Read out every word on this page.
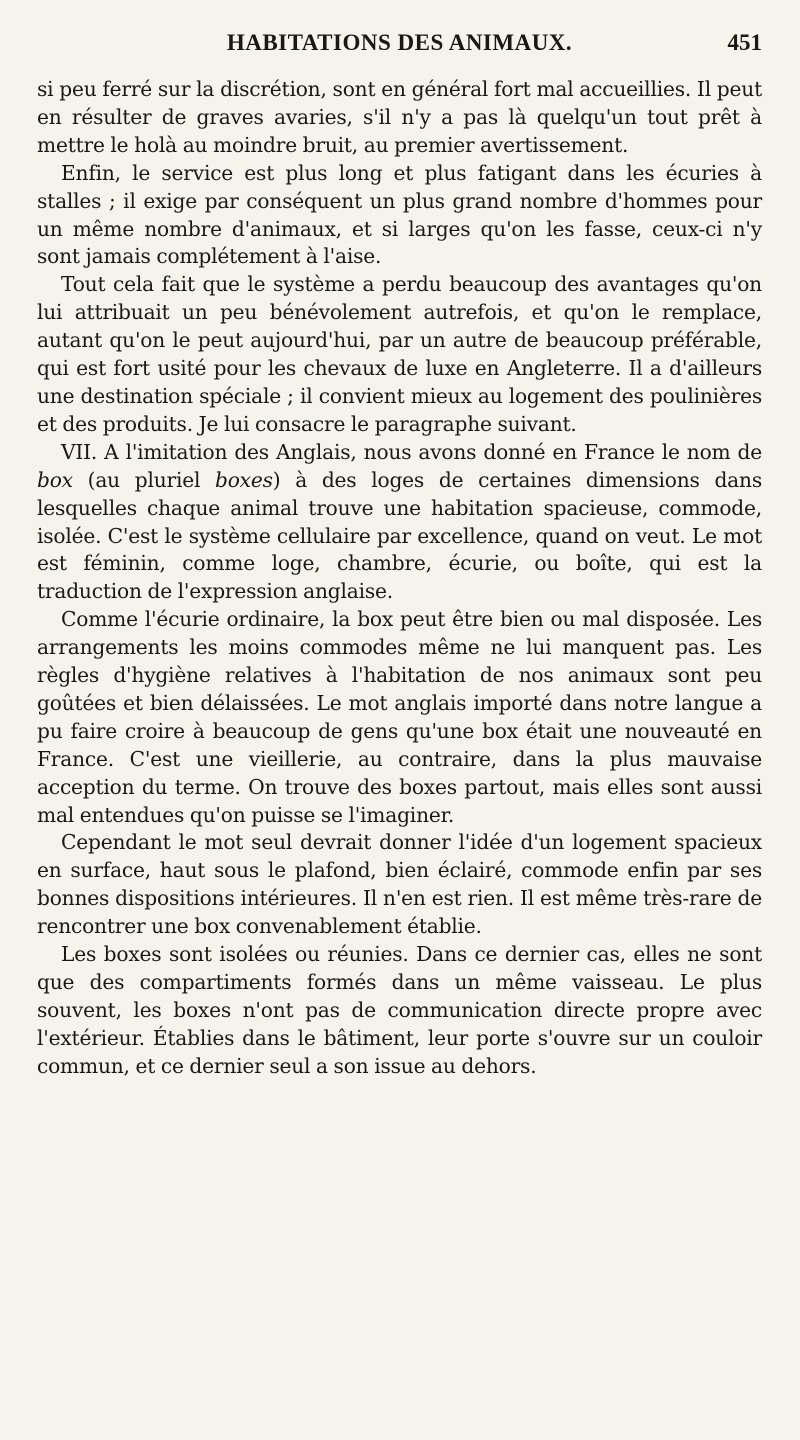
HABITATIONS DES ANIMAUX.	451

si peu ferré sur la discrétion, sont en général fort mal accueillies. Il peut en résulter de graves avaries, s'il n'y a pas là quelqu'un tout prêt à mettre le holà au moindre bruit, au premier avertissement.

Enfin, le service est plus long et plus fatigant dans les écuries à stalles ; il exige par conséquent un plus grand nombre d'hommes pour un même nombre d'animaux, et si larges qu'on les fasse, ceux-ci n'y sont jamais complétement à l'aise.

Tout cela fait que le système a perdu beaucoup des avantages qu'on lui attribuait un peu bénévolement autrefois, et qu'on le remplace, autant qu'on le peut aujourd'hui, par un autre de beaucoup préférable, qui est fort usité pour les chevaux de luxe en Angleterre. Il a d'ailleurs une destination spéciale ; il convient mieux au logement des poulinières et des produits. Je lui consacre le paragraphe suivant.

VII. A l'imitation des Anglais, nous avons donné en France le nom de box (au pluriel boxes) à des loges de certaines dimensions dans lesquelles chaque animal trouve une habitation spacieuse, commode, isolée. C'est le système cellulaire par excellence, quand on veut. Le mot est féminin, comme loge, chambre, écurie, ou boîte, qui est la traduction de l'expression anglaise.

Comme l'écurie ordinaire, la box peut être bien ou mal disposée. Les arrangements les moins commodes même ne lui manquent pas. Les règles d'hygiène relatives à l'habitation de nos animaux sont peu goûtées et bien délaissées. Le mot anglais importé dans notre langue a pu faire croire à beaucoup de gens qu'une box était une nouveauté en France. C'est une vieillerie, au contraire, dans la plus mauvaise acception du terme. On trouve des boxes partout, mais elles sont aussi mal entendues qu'on puisse se l'imaginer.

Cependant le mot seul devrait donner l'idée d'un logement spacieux en surface, haut sous le plafond, bien éclairé, commode enfin par ses bonnes dispositions intérieures. Il n'en est rien. Il est même très-rare de rencontrer une box convenablement établie.

Les boxes sont isolées ou réunies. Dans ce dernier cas, elles ne sont que des compartiments formés dans un même vaisseau. Le plus souvent, les boxes n'ont pas de communication directe propre avec l'extérieur. Établies dans le bâtiment, leur porte s'ouvre sur un couloir commun, et ce dernier seul a son issue au dehors.
